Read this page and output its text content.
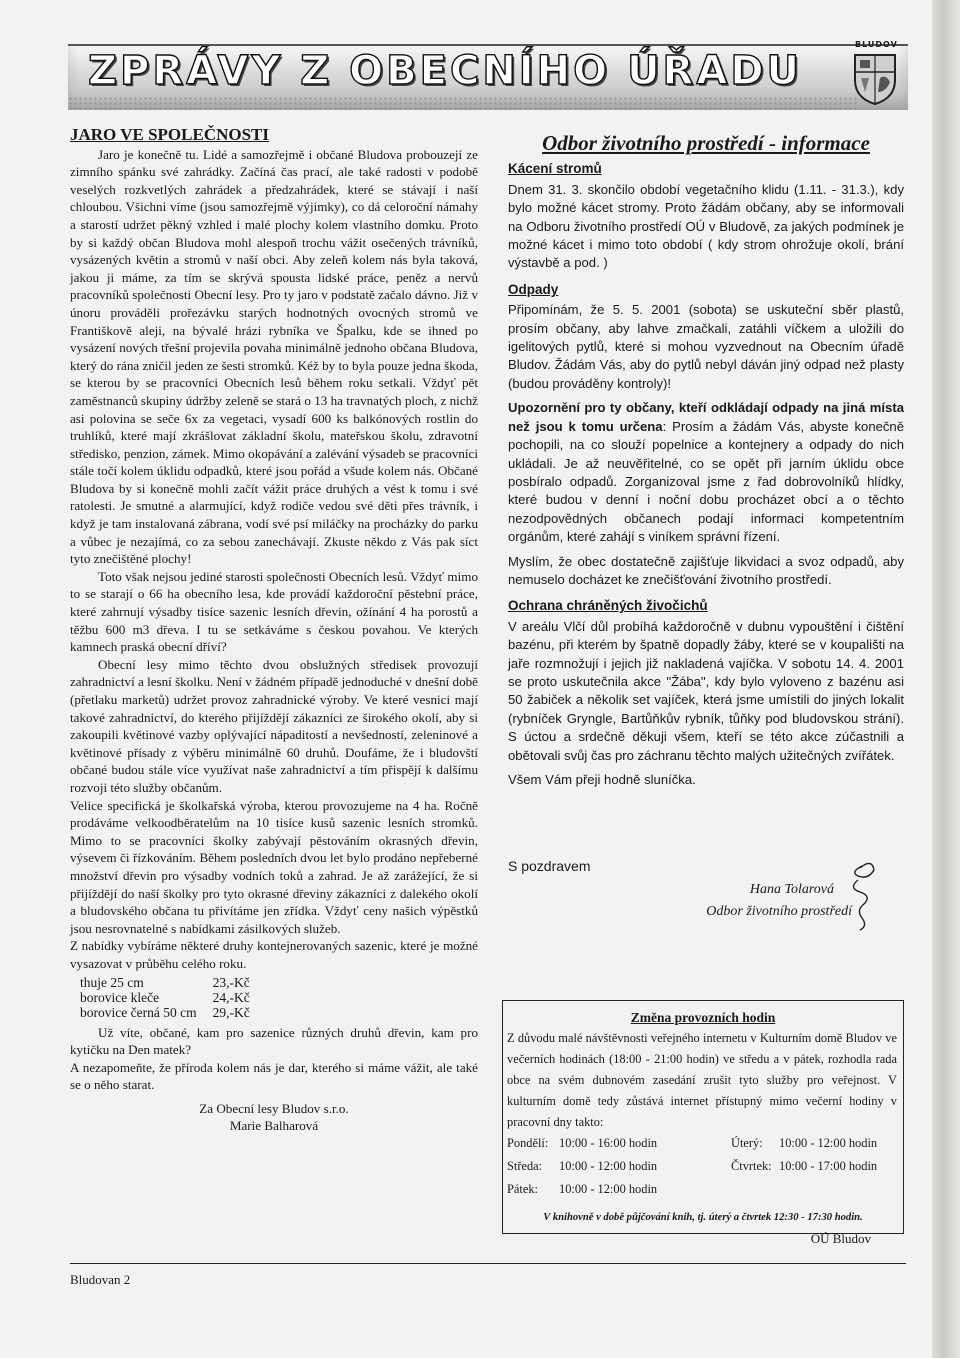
ZPRÁVY Z OBECNÍHO ÚŘADU
BLUDOV

JARO VE SPOLEČNOSTI

Jaro je konečně tu. Lidé a samozřejmě i občané Bludova probouzejí ze zimního spánku své zahrádky. Začíná čas prací, ale také radosti v podobě veselých rozkvetlých zahrádek a předzahrádek, které se stávají i naší chloubou. Všichni víme (jsou samozřejmě výjimky), co dá celoroční námahy a starostí udržet pěkný vzhled i malé plochy kolem vlastního domku. Proto by si každý občan Bludova mohl alespoň trochu vážit osečených trávníků, vysázených květin a stromů v naší obci. Aby zeleň kolem nás byla taková, jakou ji máme, za tím se skrývá spousta lidské práce, peněz a nervů pracovníků společnosti Obecní lesy. Pro ty jaro v podstatě začalo dávno. Již v únoru prováděli prořezávku starých hodnotných ovocných stromů ve Františkově aleji, na bývalé hrázi rybníka ve Špalku, kde se ihned po vysázení nových třešní projevila povaha minimálně jednoho občana Bludova, který do rána zničil jeden ze šesti stromků. Kéž by to byla pouze jedna škoda, se kterou by se pracovníci Obecních lesů během roku setkali. Vždyť pět zaměstnanců skupiny údržby zeleně se stará o 13 ha travnatých ploch, z nichž asi polovina se seče 6x za vegetaci, vysadí 600 ks balkónových rostlin do truhlíků, které mají zkrášlovat základní školu, mateřskou školu, zdravotní středisko, penzion, zámek. Mimo okopávání a zalévání výsadeb se pracovníci stále točí kolem úklidu odpadků, které jsou pořád a všude kolem nás. Občané Bludova by si konečně mohli začít vážit práce druhých a vést k tomu i své ratolesti. Je smutné a alarmující, když rodiče vedou své děti přes trávník, i když je tam instalovaná zábrana, vodí své psí miláčky na procházky do parku a vůbec je nezajímá, co za sebou zanechávají. Zkuste někdo z Vás pak síct tyto znečištěné plochy!

Toto však nejsou jediné starosti společnosti Obecních lesů. Vždyť mimo to se starají o 66 ha obecního lesa, kde provádí každoroční pěstební práce, které zahrnují výsadby tisíce sazenic lesních dřevin, ožínání 4 ha porostů a těžbu 600 m3 dřeva. I tu se setkáváme s českou povahou. Ve kterých kamnech praská obecní dříví?

Obecní lesy mimo těchto dvou obslužných středisek provozují zahradnictví a lesní školku. Není v žádném případě jednoduché v dnešní době (přetlaku marketů) udržet provoz zahradnické výroby. Ve které vesnici mají takové zahradnictví, do kterého přijíždějí zákazníci ze širokého okolí, aby si zakoupili květinové vazby oplývající nápaditostí a nevšedností, zeleninové a květinové přísady z výběru minimálně 60 druhů. Doufáme, že i bludovští občané budou stále více využívat naše zahradnictví a tím přispějí k dalšímu rozvoji této služby občanům.

Velice specifická je školkařská výroba, kterou provozujeme na 4 ha. Ročně prodáváme velkoodběratelům na 10 tisíce kusů sazenic lesních stromků. Mimo to se pracovníci školky zabývají pěstováním okrasných dřevin, výsevem či řízkováním. Během posledních dvou let bylo prodáno nepřeberné množství dřevin pro výsadby vodních toků a zahrad. Je až zarážející, že si přijíždějí do naší školky pro tyto okrasné dřeviny zákazníci z dalekého okolí a bludovského občana tu přivítáme jen zřídka. Vždyť ceny našich výpěstků jsou nesrovnatelné s nabídkami zásilkových služeb.

Z nabídky vybíráme některé druhy kontejnerovaných sazenic, které je možné vysazovat v průběhu celého roku.

thuje 25 cm	23,-Kč
borovice kleče	24,-Kč
borovice černá 50 cm	29,-Kč

Už víte, občané, kam pro sazenice různých druhů dřevin, kam pro kytičku na Den matek?

A nezapomeňte, že příroda kolem nás je dar, kterého si máme vážit, ale také se o něho starat.

Za Obecní lesy Bludov s.r.o.

Marie Balharová

Odbor životního prostředí - informace

Kácení stromů

Dnem 31. 3. skončilo období vegetačního klidu (1.11. - 31.3.), kdy bylo možné kácet stromy. Proto žádám občany, aby se informovali na Odboru životního prostředí OÚ v Bludově, za jakých podmínek je možné kácet i mimo toto období ( kdy strom ohrožuje okolí, brání výstavbě a pod. )

Odpady

Připomínám, že 5. 5. 2001 (sobota) se uskuteční sběr plastů, prosím občany, aby lahve zmačkali, zatáhli víčkem a uložili do igelitových pytlů, které si mohou vyzvednout na Obecním úřadě Bludov. Žádám Vás, aby do pytlů nebyl dáván jiný odpad než plasty (budou prováděny kontroly)!

Upozornění pro ty občany, kteří odkládají odpady na jiná místa než jsou k tomu určena: Prosím a žádám Vás, abyste konečně pochopili, na co slouží popelnice a kontejnery a odpady do nich ukládali. Je až neuvěřitelné, co se opět při jarním úklidu obce posbíralo odpadů. Zorganizoval jsme z řad dobrovolníků hlídky, které budou v denní i noční dobu procházet obcí a o těchto nezodpovědných občanech podají informaci kompetentním orgánům, které zahájí s viníkem správní řízení.

Myslím, že obec dostatečně zajišťuje likvidaci a svoz odpadů, aby nemuselo docházet ke znečišťování životního prostředí.

Ochrana chráněných živočichů

V areálu Vlčí důl probíhá každoročně v dubnu vypouštění i čištění bazénu, při kterém by špatně dopadly žáby, které se v koupališti na jaře rozmnožují i jejich již nakladená vajíčka. V sobotu 14. 4. 2001 se proto uskutečnila akce "Žába", kdy bylo vyloveno z bazénu asi 50 žabiček a několik set vajíček, která jsme umístili do jiných lokalit (rybníček Gryngle, Bartůňkův rybník, tůňky pod bludovskou strání). S úctou a srdečně děkuji všem, kteří se této akce zúčastnili a obětovali svůj čas pro záchranu těchto malých užitečných zvířátek.

Všem Vám přeji hodně sluníčka.

S pozdravem
Hana Tolarová
Odbor životního prostředí
Změna provozních hodin
Z důvodu malé návštěvnosti veřejného internetu v Kulturním domě Bludov ve večerních hodinách (18:00 - 21:00 hodin) ve středu a v pátek, rozhodla rada obce na svém dubnovém zasedání zrušit tyto služby pro veřejnost. V kulturním domě tedy zůstává internet přístupný mimo večerní hodiny v pracovní dny takto:
Pondělí: 10:00 - 16:00 hodin	Úterý: 10:00 - 12:00 hodin
Středa: 10:00 - 12:00 hodin	Čtvrtek: 10:00 - 17:00 hodin
Pátek: 10:00 - 12:00 hodin
V knihovně v době půjčování knih, tj. úterý a čtvrtek 12:30 - 17:30 hodin.
OÚ Bludov
Bludovan 2
